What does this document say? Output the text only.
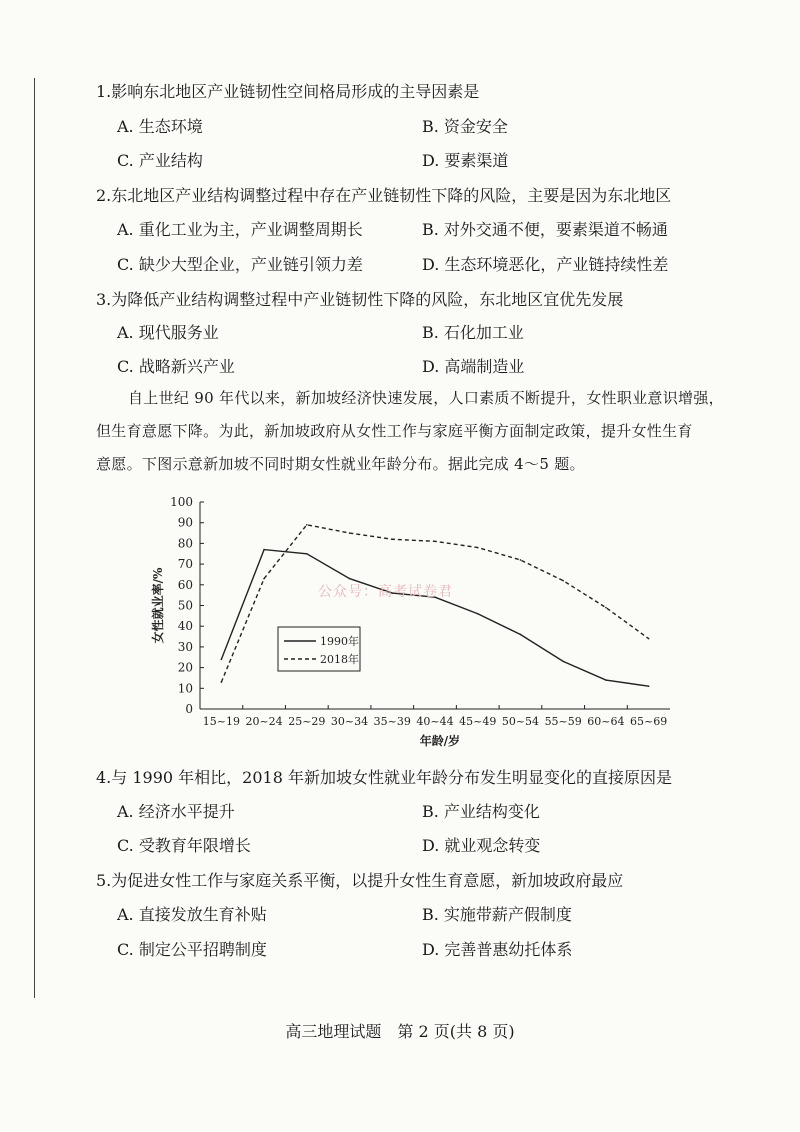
1.影响东北地区产业链韧性空间格局形成的主导因素是
A. 生态环境	B. 资金安全
C. 产业结构	D. 要素渠道
2.东北地区产业结构调整过程中存在产业链韧性下降的风险，主要是因为东北地区
A. 重化工业为主，产业调整周期长	B. 对外交通不便，要素渠道不畅通
C. 缺少大型企业，产业链引领力差	D. 生态环境恶化，产业链持续性差
3.为降低产业结构调整过程中产业链韧性下降的风险，东北地区宜优先发展
A. 现代服务业	B. 石化加工业
C. 战略新兴产业	D. 高端制造业
自上世纪 90 年代以来，新加坡经济快速发展，人口素质不断提升，女性职业意识增强，
但生育意愿下降。为此，新加坡政府从女性工作与家庭平衡方面制定政策，提升女性生育
意愿。下图示意新加坡不同时期女性就业年龄分布。据此完成 4～5 题。
0
10
20
30
40
50
60
70
80
90
100
15~19 20~24 25~29 30~34 35~39 40~44 45~49 50~54 55~59 60~64 65~69
年龄/岁
女性就业率/%	1990年
2018年
公众号：高考试卷君
4.与 1990 年相比，2018 年新加坡女性就业年龄分布发生明显变化的直接原因是
A. 经济水平提升	B. 产业结构变化
C. 受教育年限增长	D. 就业观念转变
5.为促进女性工作与家庭关系平衡，以提升女性生育意愿，新加坡政府最应
A. 直接发放生育补贴	B. 实施带薪产假制度
C. 制定公平招聘制度	D. 完善普惠幼托体系
高三地理试题　第 2 页(共 8 页)
